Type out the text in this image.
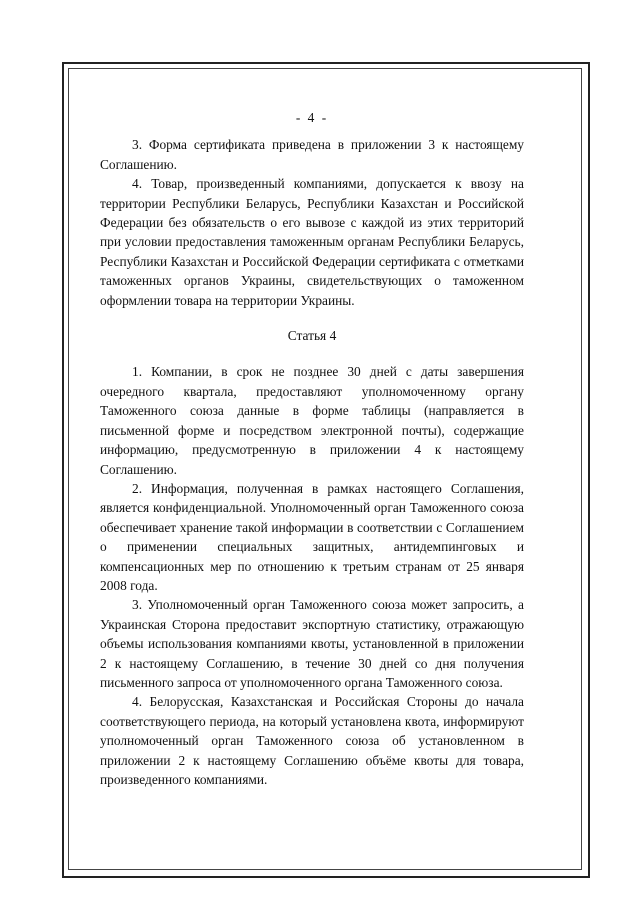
- 4 -

3. Форма сертификата приведена в приложении 3 к настоящему Соглашению.

4. Товар, произведенный компаниями, допускается к ввозу на территории Республики Беларусь, Республики Казахстан и Российской Федерации без обязательств о его вывозе с каждой из этих территорий при условии предоставления таможенным органам Республики Беларусь, Республики Казахстан и Российской Федерации сертификата с отметками таможенных органов Украины, свидетельствующих о таможенном оформлении товара на территории Украины.

Статья 4

1. Компании, в срок не позднее 30 дней с даты завершения очередного квартала, предоставляют уполномоченному органу Таможенного союза данные в форме таблицы (направляется в письменной форме и посредством электронной почты), содержащие информацию, предусмотренную в приложении 4 к настоящему Соглашению.

2. Информация, полученная в рамках настоящего Соглашения, является конфиденциальной. Уполномоченный орган Таможенного союза обеспечивает хранение такой информации в соответствии с Соглашением о применении специальных защитных, антидемпинговых и компенсационных мер по отношению к третьим странам от 25 января 2008 года.

3. Уполномоченный орган Таможенного союза может запросить, а Украинская Сторона предоставит экспортную статистику, отражающую объемы использования компаниями квоты, установленной в приложении 2 к настоящему Соглашению, в течение 30 дней со дня получения письменного запроса от уполномоченного органа Таможенного союза.

4. Белорусская, Казахстанская и Российская Стороны до начала соответствующего периода, на который установлена квота, информируют уполномоченный орган Таможенного союза об установленном в приложении 2 к настоящему Соглашению объёме квоты для товара, произведенного компаниями.
